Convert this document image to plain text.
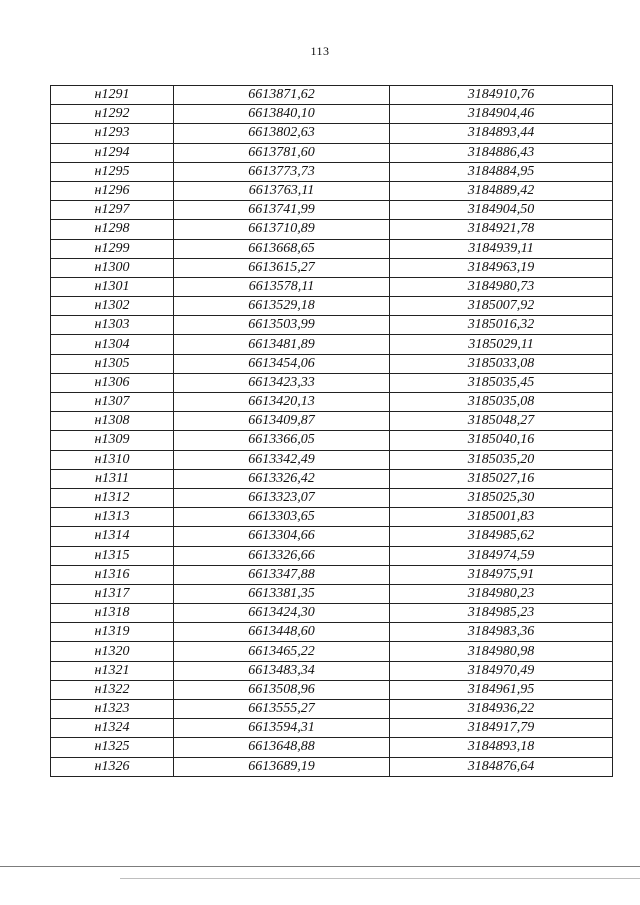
113
н1291	6613871,62	3184910,76
н1292	6613840,10	3184904,46
н1293	6613802,63	3184893,44
н1294	6613781,60	3184886,43
н1295	6613773,73	3184884,95
н1296	6613763,11	3184889,42
н1297	6613741,99	3184904,50
н1298	6613710,89	3184921,78
н1299	6613668,65	3184939,11
н1300	6613615,27	3184963,19
н1301	6613578,11	3184980,73
н1302	6613529,18	3185007,92
н1303	6613503,99	3185016,32
н1304	6613481,89	3185029,11
н1305	6613454,06	3185033,08
н1306	6613423,33	3185035,45
н1307	6613420,13	3185035,08
н1308	6613409,87	3185048,27
н1309	6613366,05	3185040,16
н1310	6613342,49	3185035,20
н1311	6613326,42	3185027,16
н1312	6613323,07	3185025,30
н1313	6613303,65	3185001,83
н1314	6613304,66	3184985,62
н1315	6613326,66	3184974,59
н1316	6613347,88	3184975,91
н1317	6613381,35	3184980,23
н1318	6613424,30	3184985,23
н1319	6613448,60	3184983,36
н1320	6613465,22	3184980,98
н1321	6613483,34	3184970,49
н1322	6613508,96	3184961,95
н1323	6613555,27	3184936,22
н1324	6613594,31	3184917,79
н1325	6613648,88	3184893,18
н1326	6613689,19	3184876,64
